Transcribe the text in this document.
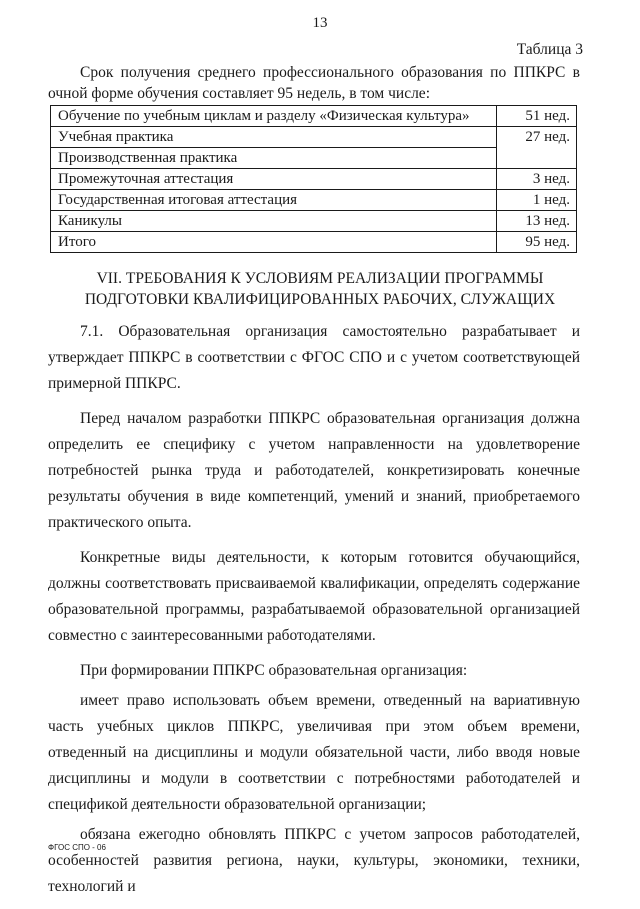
13
Таблица 3

Срок получения среднего профессионального образования по ППКРС в очной форме обучения составляет 95 недель, в том числе:

Обучение по учебным циклам и разделу «Физическая культура»	51 нед.
Учебная практика	27 нед.
Производственная практика	
Промежуточная аттестация	3 нед.
Государственная итоговая аттестация	1 нед.
Каникулы	13 нед.
Итого	95 нед.
VII. ТРЕБОВАНИЯ К УСЛОВИЯМ РЕАЛИЗАЦИИ ПРОГРАММЫ
ПОДГОТОВКИ КВАЛИФИЦИРОВАННЫХ РАБОЧИХ, СЛУЖАЩИХ

7.1. Образовательная организация самостоятельно разрабатывает и утверждает ППКРС в соответствии с ФГОС СПО и с учетом соответствующей примерной ППКРС.

Перед началом разработки ППКРС образовательная организация должна определить ее специфику с учетом направленности на удовлетворение потребностей рынка труда и работодателей, конкретизировать конечные результаты обучения в виде компетенций, умений и знаний, приобретаемого практического опыта.

Конкретные виды деятельности, к которым готовится обучающийся, должны соответствовать присваиваемой квалификации, определять содержание образовательной программы, разрабатываемой образовательной организацией совместно с заинтересованными работодателями.

При формировании ППКРС образовательная организация:

имеет право использовать объем времени, отведенный на вариативную часть учебных циклов ППКРС, увеличивая при этом объем времени, отведенный на дисциплины и модули обязательной части, либо вводя новые дисциплины и модули в соответствии с потребностями работодателей и спецификой деятельности образовательной организации;

обязана ежегодно обновлять ППКРС с учетом запросов работодателей, особенностей развития региона, науки, культуры, экономики, техники, технологий и

ФГОС СПО - 06
